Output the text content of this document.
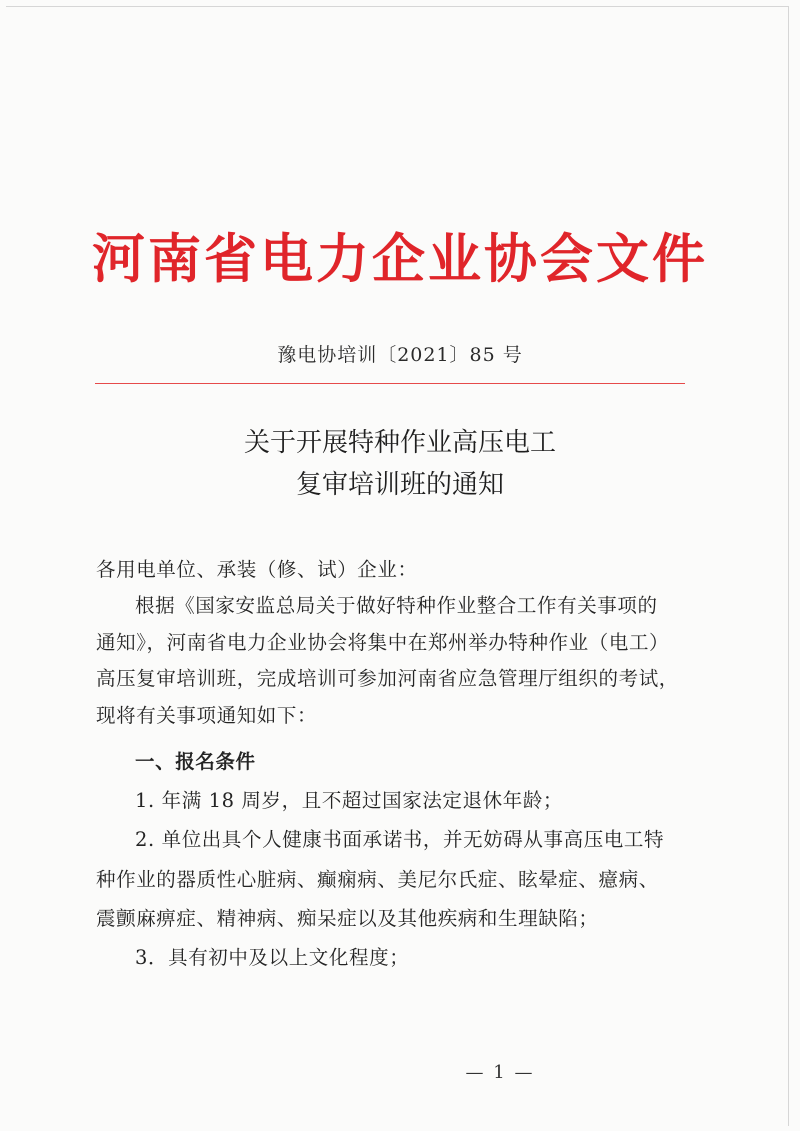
河南省电力企业协会文件
豫电协培训〔2021〕85 号
关于开展特种作业高压电工
复审培训班的通知
各用电单位、承装（修、试）企业：
根据《国家安监总局关于做好特种作业整合工作有关事项的
通知》，河南省电力企业协会将集中在郑州举办特种作业（电工）
高压复审培训班，完成培训可参加河南省应急管理厅组织的考试，
现将有关事项通知如下：
一、报名条件
1. 年满 18 周岁，且不超过国家法定退休年龄；
2. 单位出具个人健康书面承诺书，并无妨碍从事高压电工特
种作业的器质性心脏病、癫痫病、美尼尔氏症、眩晕症、癔病、
震颤麻痹症、精神病、痴呆症以及其他疾病和生理缺陷；
3．具有初中及以上文化程度；
— 1 —
